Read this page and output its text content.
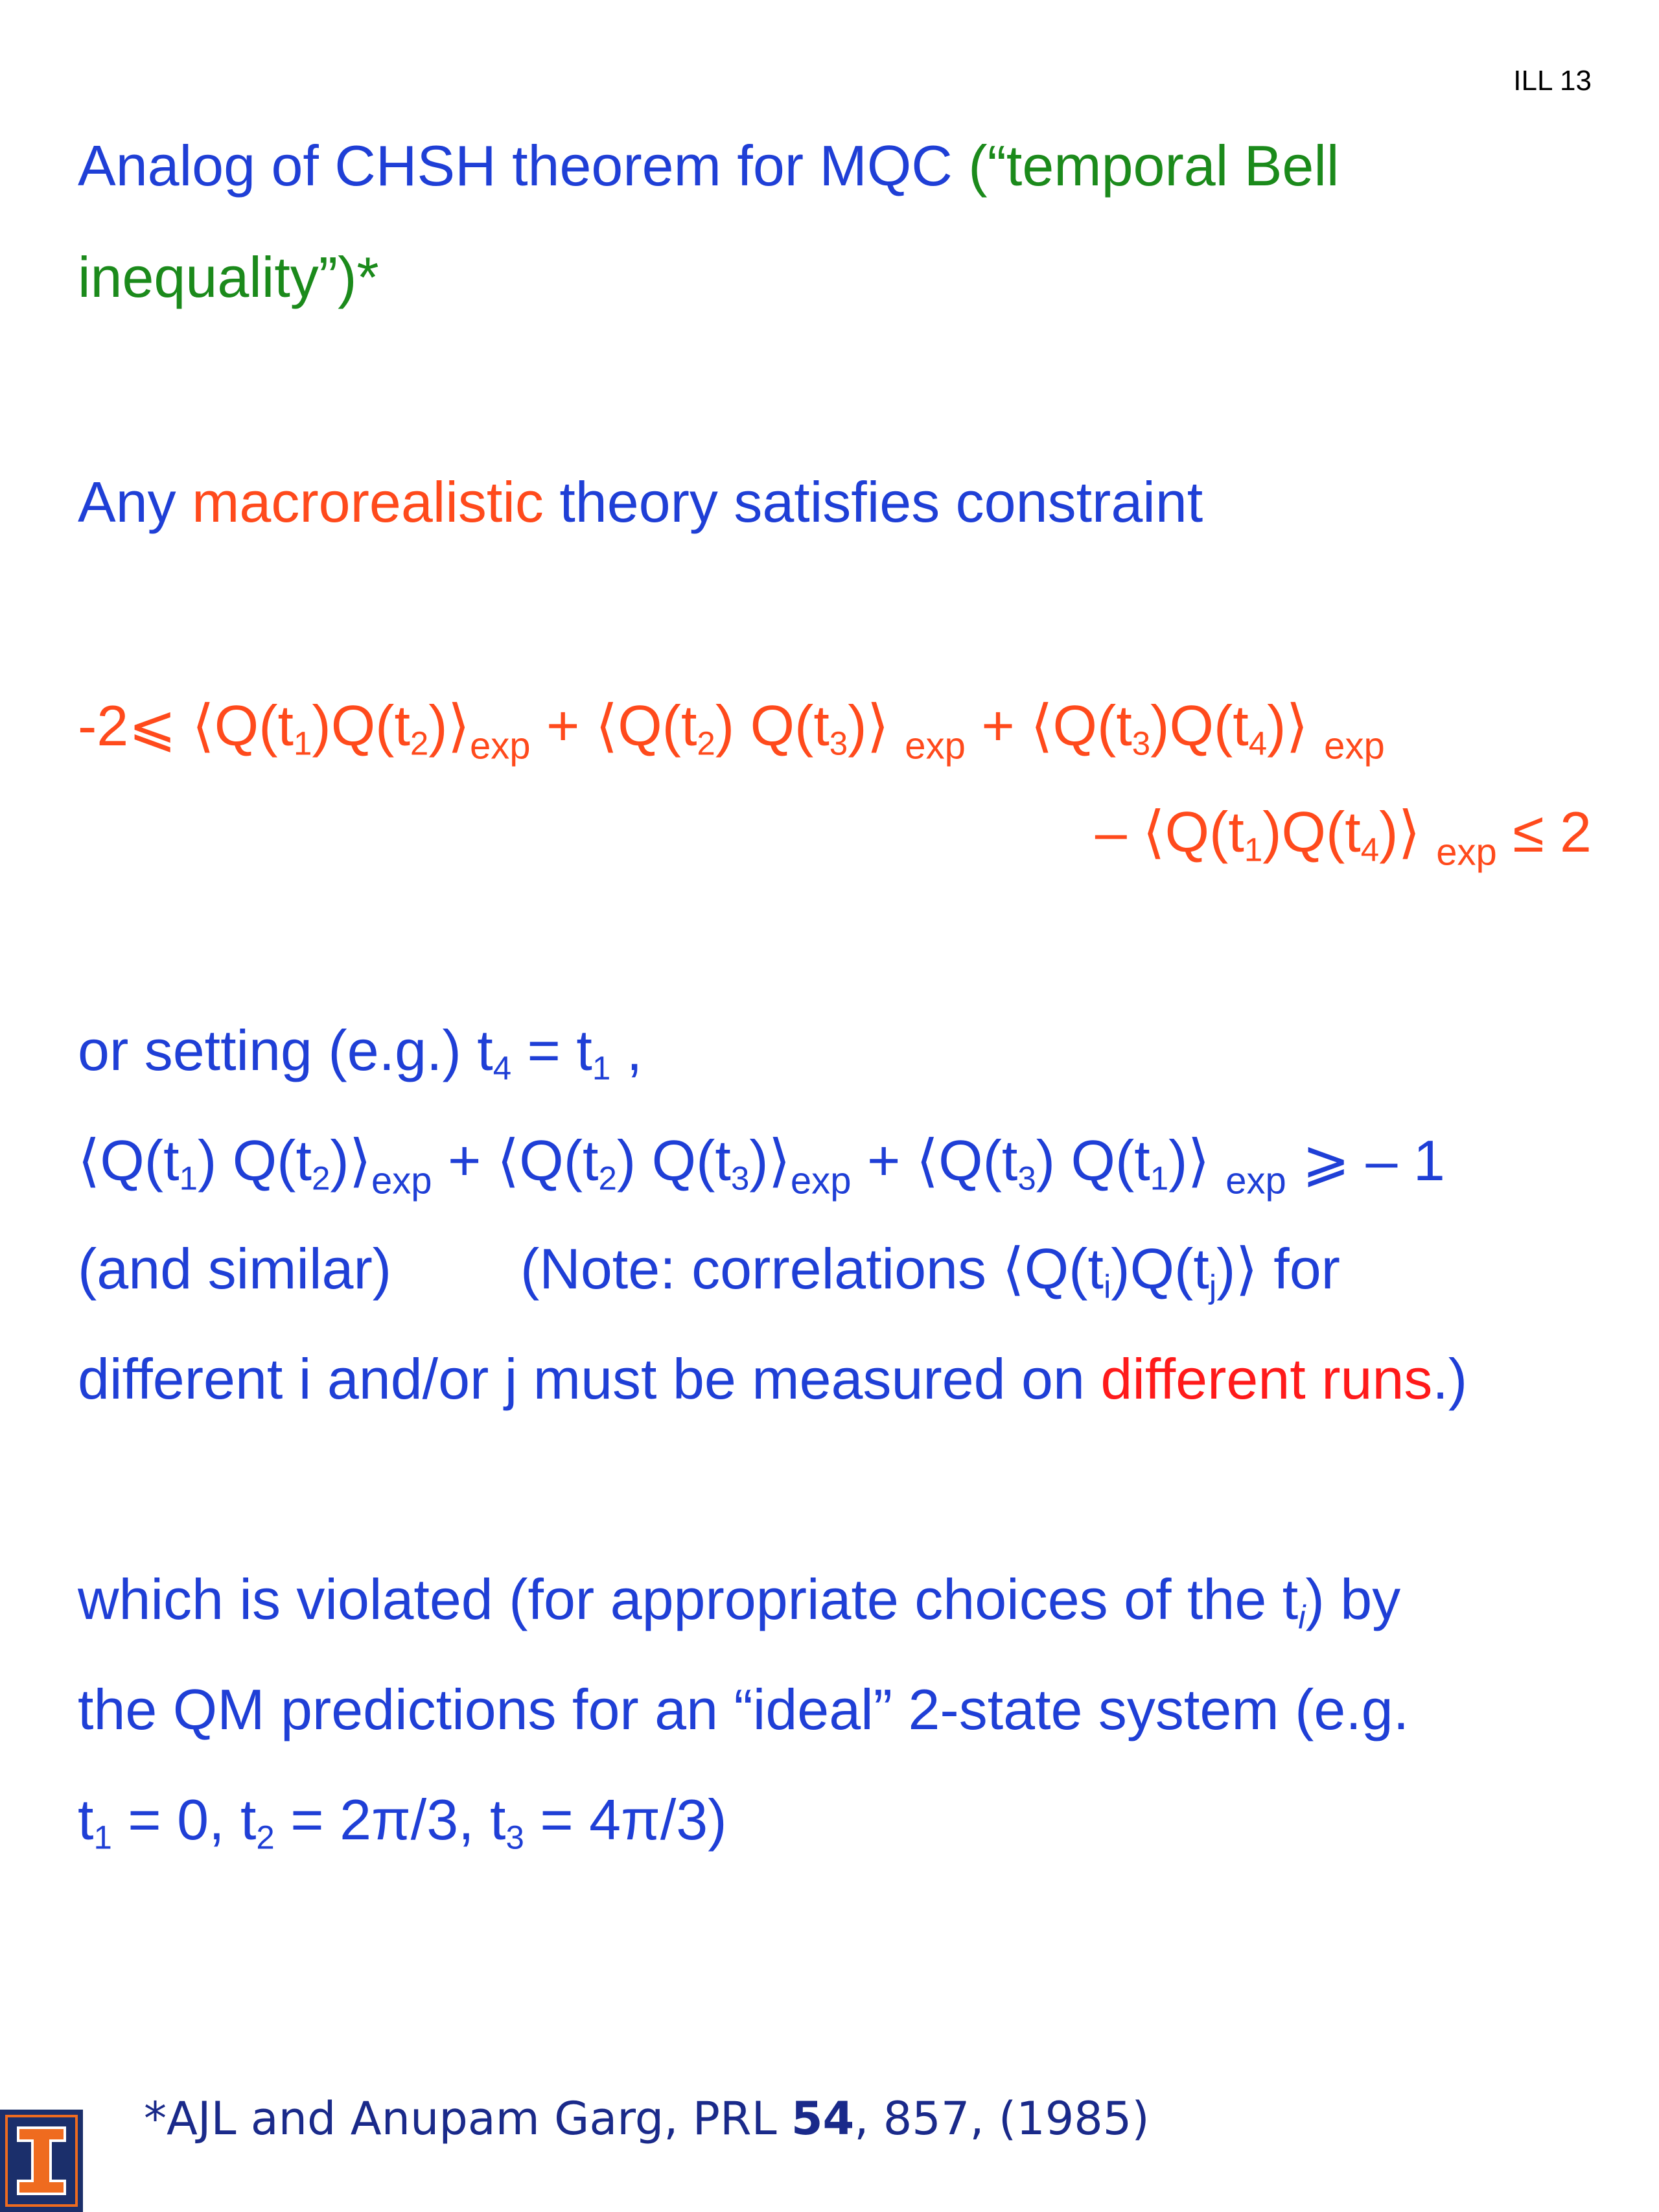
ILL 13
Analog of CHSH theorem for MQC (“temporal Bell
inequality”)*
Any macrorealistic theory satisfies constraint
-2⩽ $⟨Q(t_1)Q(t_2)⟩_{exp}$ + $⟨Q(t_2)$ $Q(t_3)⟩$ $_{exp} + ⟨Q(t_3)Q(t_4)⟩$ $_{exp}$
– $⟨Q(t_1)Q(t_4)⟩$ $_{exp}$ ≤ 2
or setting (e.g.) $t_4 = t_1$ ,
$⟨Q(t_1)$ $Q(t_2)⟩_{exp}$ + $⟨Q(t_2)$ $Q(t_3)⟩_{exp}$ + $⟨Q(t_3)$ $Q(t_1)⟩$ $_{exp}$ ⩾ – 1
(and similar) (Note: correlations $⟨Q(t_i)Q(t_j)⟩$ for
different i and/or j must be measured on different runs.)
which is violated (for appropriate choices of the $t_i$) by
the QM predictions for an “ideal” 2-state system (e.g.
$t_1 = 0$, $t_2 = 2\pi/3$, $t_3 = 4\pi/3$)
*AJL and Anupam Garg, PRL 54, 857, (1985)
